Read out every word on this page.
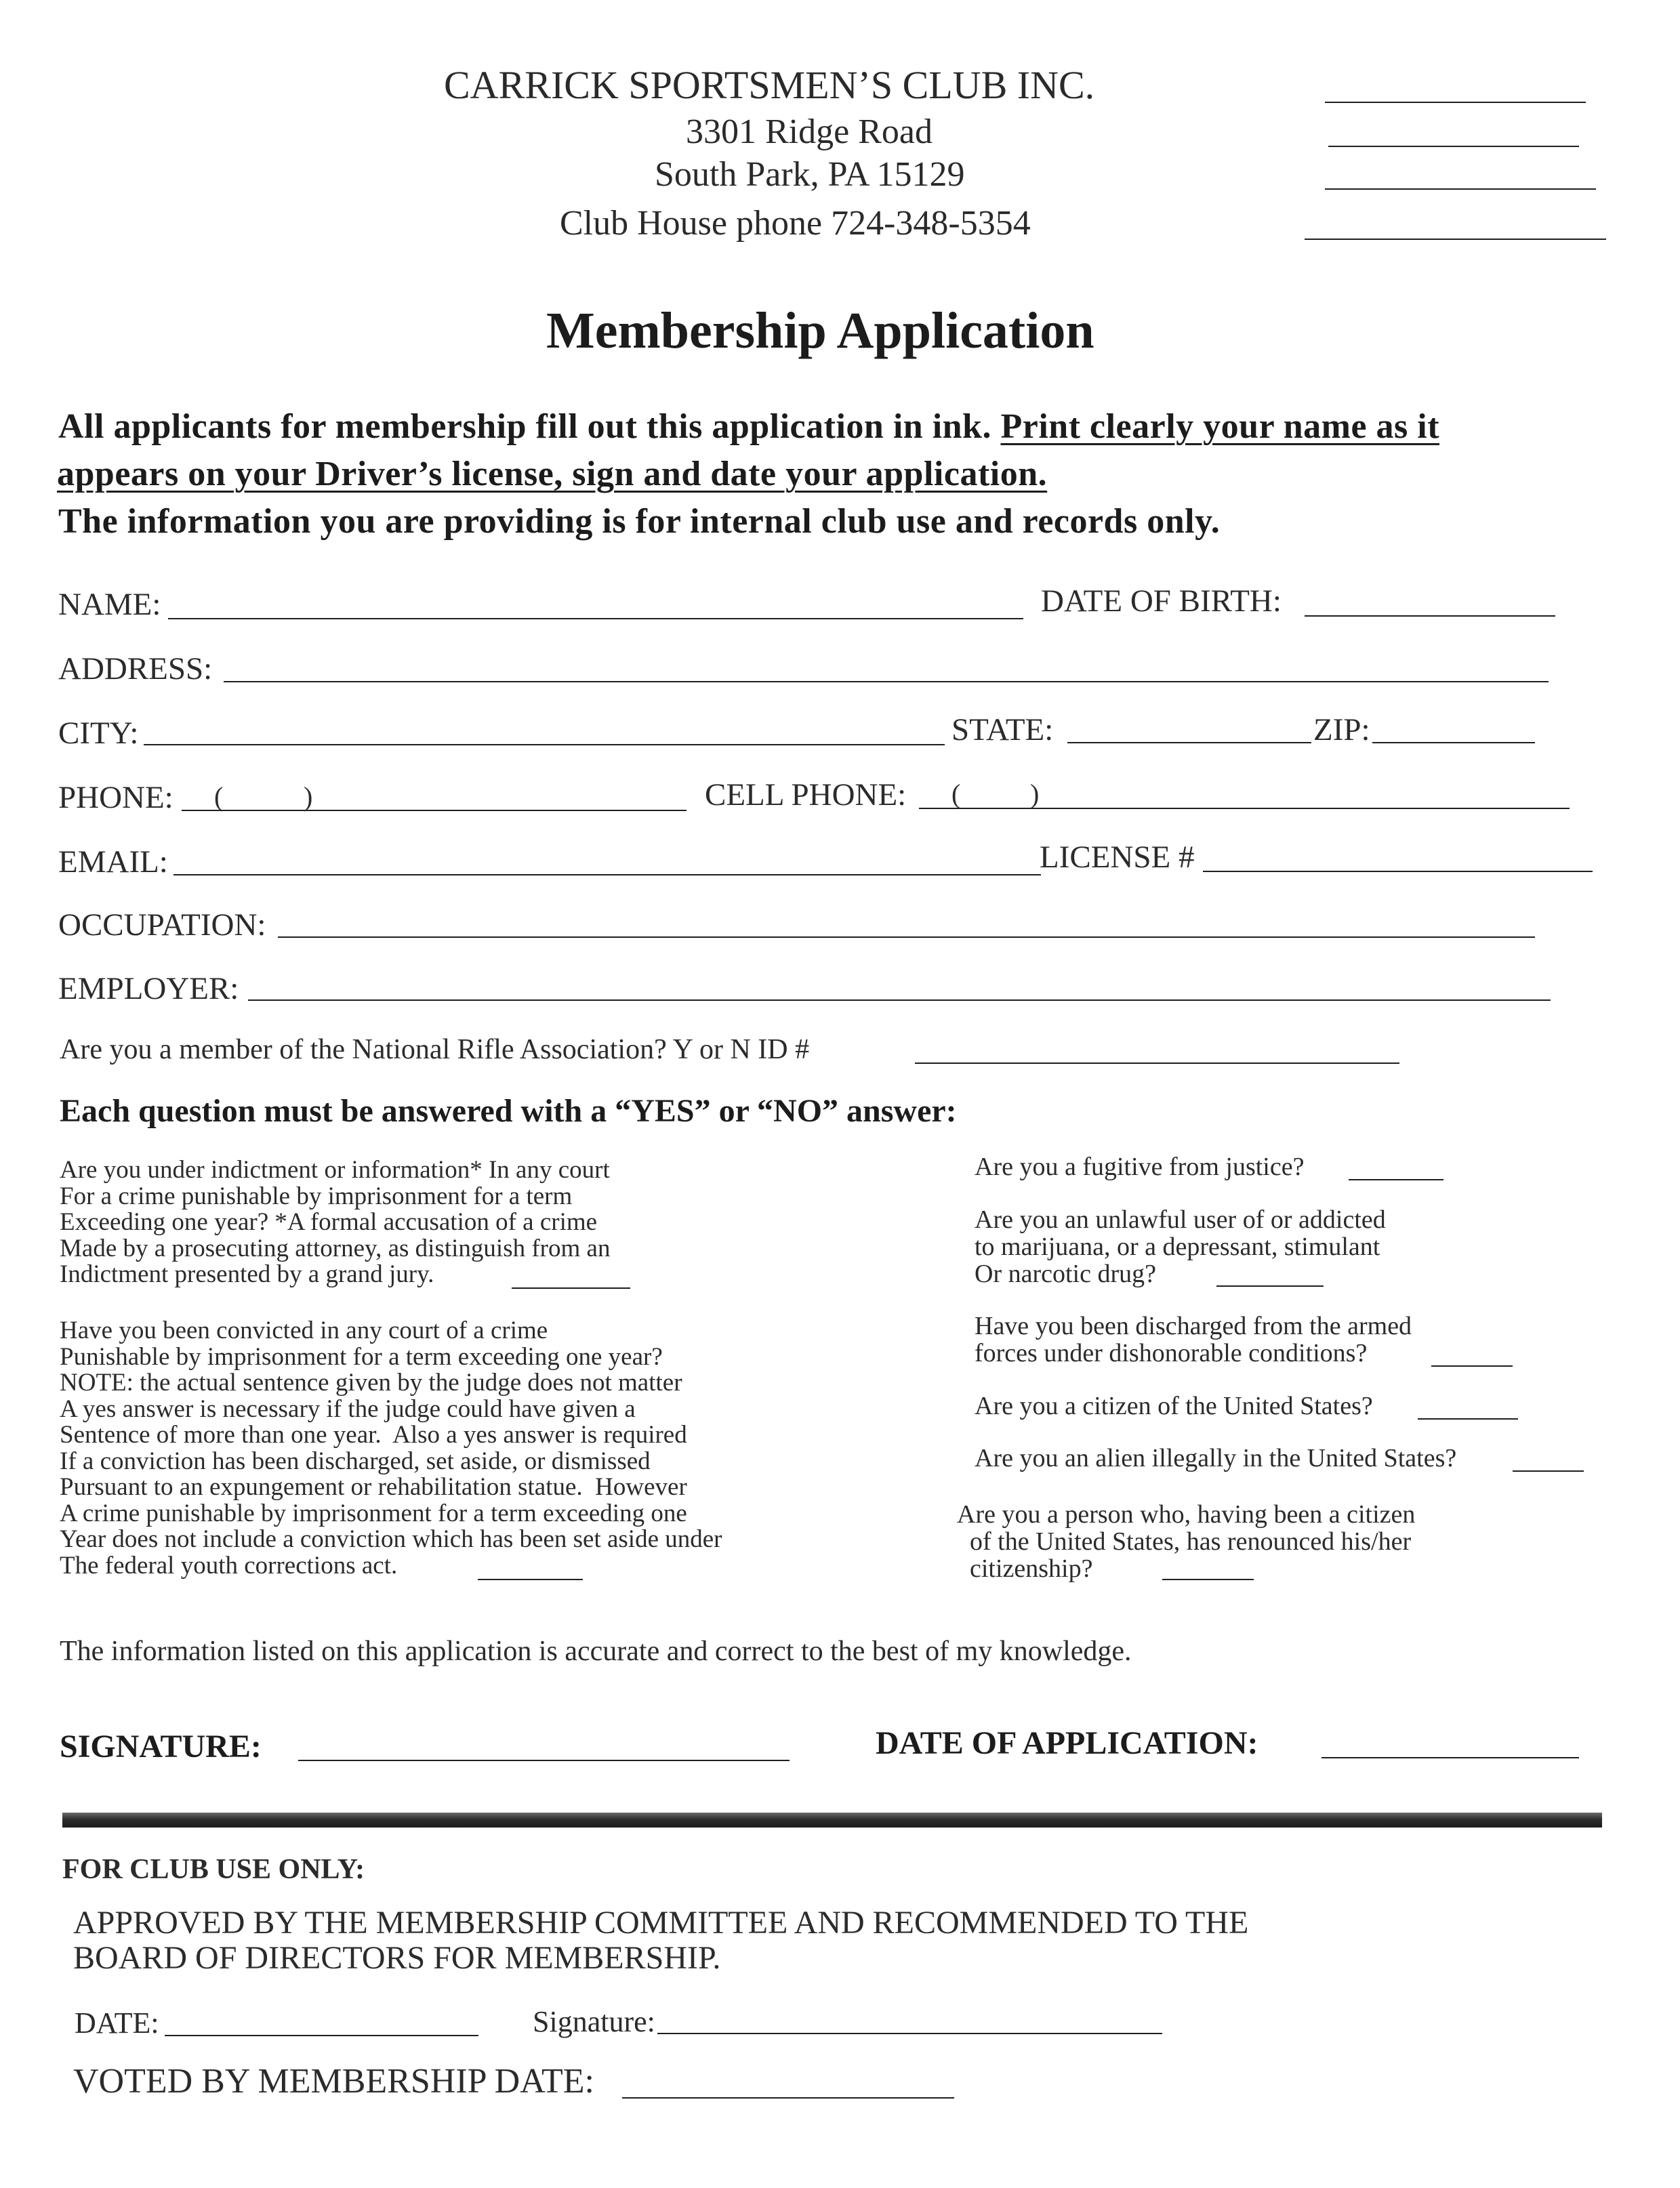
CARRICK SPORTSMEN’S CLUB INC.
3301 Ridge Road
South Park, PA 15129
Club House phone 724-348-5354
Membership Application
All applicants for membership fill out this application in ink. Print clearly your name as it
appears on your Driver’s license, sign and date your application.
The information you are providing is for internal club use and records only.
NAME:	DATE OF BIRTH:
ADDRESS:
CITY:	STATE:	ZIP:
PHONE: (	)	CELL PHONE: (	)
EMAIL:	LICENSE #
OCCUPATION:
EMPLOYER:
Are you a member of the National Rifle Association? Y or N ID #
Each question must be answered with a “YES” or “NO” answer:
Are you under indictment or information* In any court
For a crime punishable by imprisonment for a term
Exceeding one year? *A formal accusation of a crime
Made by a prosecuting attorney, as distinguish from an
Indictment presented by a grand jury.
Have you been convicted in any court of a crime
Punishable by imprisonment for a term exceeding one year?
NOTE: the actual sentence given by the judge does not matter
A yes answer is necessary if the judge could have given a
Sentence of more than one year.  Also a yes answer is required
If a conviction has been discharged, set aside, or dismissed
Pursuant to an expungement or rehabilitation statue.  However
A crime punishable by imprisonment for a term exceeding one
Year does not include a conviction which has been set aside under
The federal youth corrections act.
Are you a fugitive from justice?
Are you an unlawful user of or addicted
to marijuana, or a depressant, stimulant
Or narcotic drug?
Have you been discharged from the armed
forces under dishonorable conditions?
Are you a citizen of the United States?
Are you an alien illegally in the United States?
Are you a person who, having been a citizen
of the United States, has renounced his/her
citizenship?
The information listed on this application is accurate and correct to the best of my knowledge.
SIGNATURE:	DATE OF APPLICATION:
FOR CLUB USE ONLY:
APPROVED BY THE MEMBERSHIP COMMITTEE AND RECOMMENDED TO THE
BOARD OF DIRECTORS FOR MEMBERSHIP.
DATE:	Signature:
VOTED BY MEMBERSHIP DATE:
